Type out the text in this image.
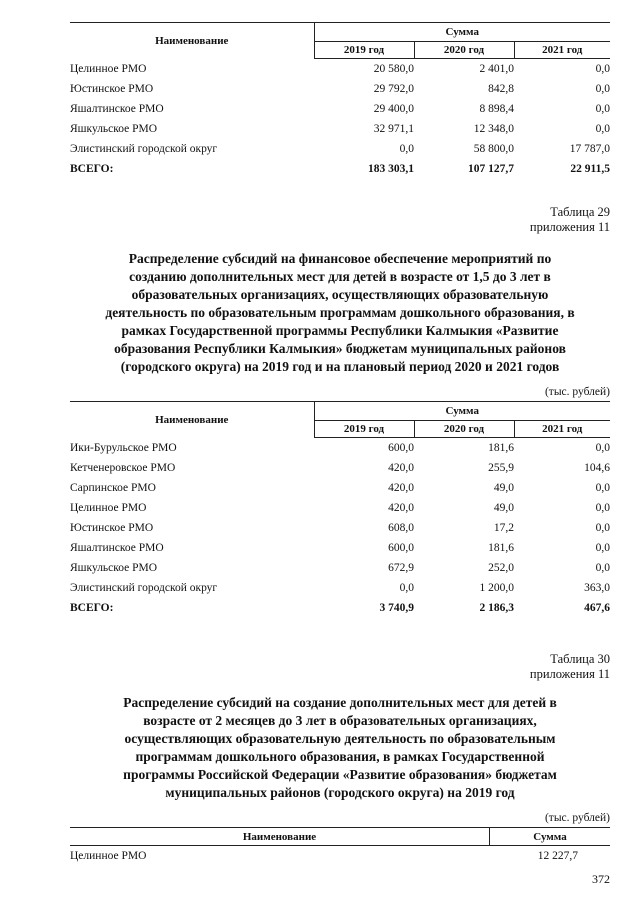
Наименование	Сумма		
	2019 год	2020 год	2021 год
Целинное РМО	20 580,0	2 401,0	0,0
Юстинское РМО	29 792,0	842,8	0,0
Яшалтинское РМО	29 400,0	8 898,4	0,0
Яшкульское РМО	32 971,1	12 348,0	0,0
Элистинский городской округ	0,0	58 800,0	17 787,0
ВСЕГО:	183 303,1	107 127,7	22 911,5
Таблица 29
приложения 11
Распределение субсидий на финансовое обеспечение мероприятий по
созданию дополнительных мест для детей в возрасте от 1,5 до 3 лет в
образовательных организациях, осуществляющих образовательную
деятельность по образовательным программам дошкольного образования, в
рамках Государственной программы Республики Калмыкия «Развитие
образования Республики Калмыкия» бюджетам муниципальных районов
(городского округа) на 2019 год и на плановый период 2020 и 2021 годов
(тыс. рублей)
Наименование	Сумма		
	2019 год	2020 год	2021 год
Ики-Бурульское РМО	600,0	181,6	0,0
Кетченеровское РМО	420,0	255,9	104,6
Сарпинское РМО	420,0	49,0	0,0
Целинное РМО	420,0	49,0	0,0
Юстинское РМО	608,0	17,2	0,0
Яшалтинское РМО	600,0	181,6	0,0
Яшкульское РМО	672,9	252,0	0,0
Элистинский городской округ	0,0	1 200,0	363,0
ВСЕГО:	3 740,9	2 186,3	467,6
Таблица 30
приложения 11
Распределение субсидий на создание дополнительных мест для детей в
возрасте от 2 месяцев до 3 лет в образовательных организациях,
осуществляющих образовательную деятельность по образовательным
программам дошкольного образования, в рамках Государственной
программы Российской Федерации «Развитие образования» бюджетам
муниципальных районов (городского округа) на 2019 год
(тыс. рублей)
Наименование	Сумма
Целинное РМО	12 227,7
372
